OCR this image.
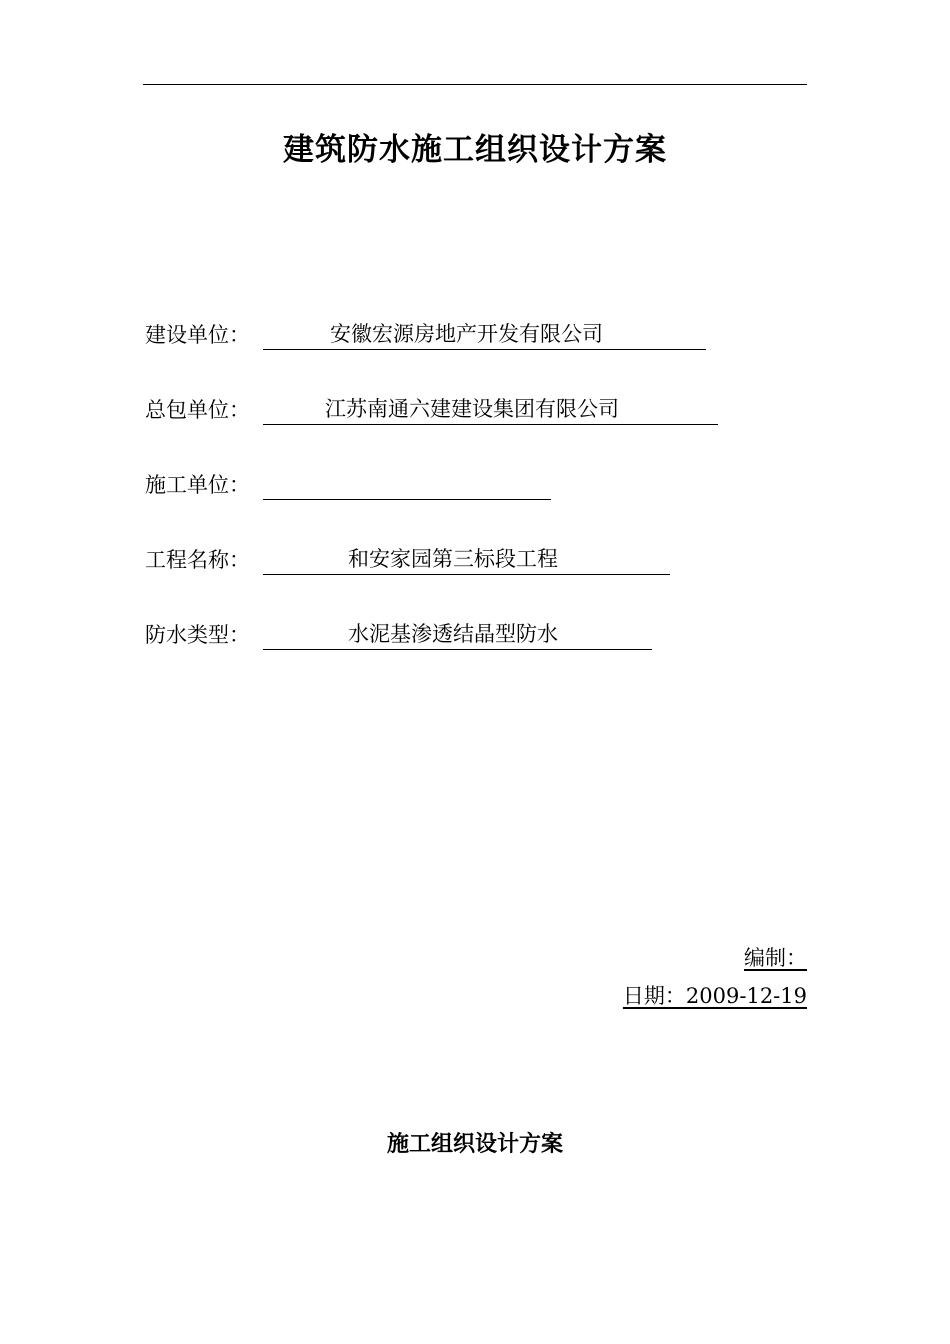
建筑防水施工组织设计方案
建设单位：	安徽宏源房地产开发有限公司
总包单位：	江苏南通六建建设集团有限公司
施工单位：
工程名称：	和安家园第三标段工程
防水类型：	水泥基渗透结晶型防水
编制：
日期：2009-12-19
施工组织设计方案
